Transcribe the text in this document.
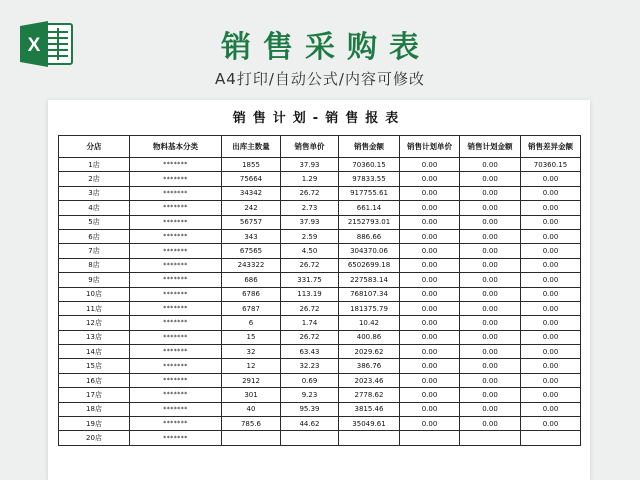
X	销售采购表
A4打印/自动公式/内容可修改
销售计划-销售报表
分店	物料基本分类	出库主数量	销售单价	销售金额	销售计划单价	销售计划金额	销售差异金额
1店	*******	1855	37.93	70360.15	0.00	0.00	70360.15
2店	*******	75664	1.29	97833.55	0.00	0.00	0.00
3店	*******	34342	26.72	917755.61	0.00	0.00	0.00
4店	*******	242	2.73	661.14	0.00	0.00	0.00
5店	*******	56757	37.93	2152793.01	0.00	0.00	0.00
6店	*******	343	2.59	886.66	0.00	0.00	0.00
7店	*******	67565	4.50	304370.06	0.00	0.00	0.00
8店	*******	243322	26.72	6502699.18	0.00	0.00	0.00
9店	*******	686	331.75	227583.14	0.00	0.00	0.00
10店	*******	6786	113.19	768107.34	0.00	0.00	0.00
11店	*******	6787	26.72	181375.79	0.00	0.00	0.00
12店	*******	6	1.74	10.42	0.00	0.00	0.00
13店	*******	15	26.72	400.86	0.00	0.00	0.00
14店	*******	32	63.43	2029.62	0.00	0.00	0.00
15店	*******	12	32.23	386.76	0.00	0.00	0.00
16店	*******	2912	0.69	2023.46	0.00	0.00	0.00
17店	*******	301	9.23	2778.62	0.00	0.00	0.00
18店	*******	40	95.39	3815.46	0.00	0.00	0.00
19店	*******	785.6	44.62	35049.61	0.00	0.00	0.00
20店	*******						
